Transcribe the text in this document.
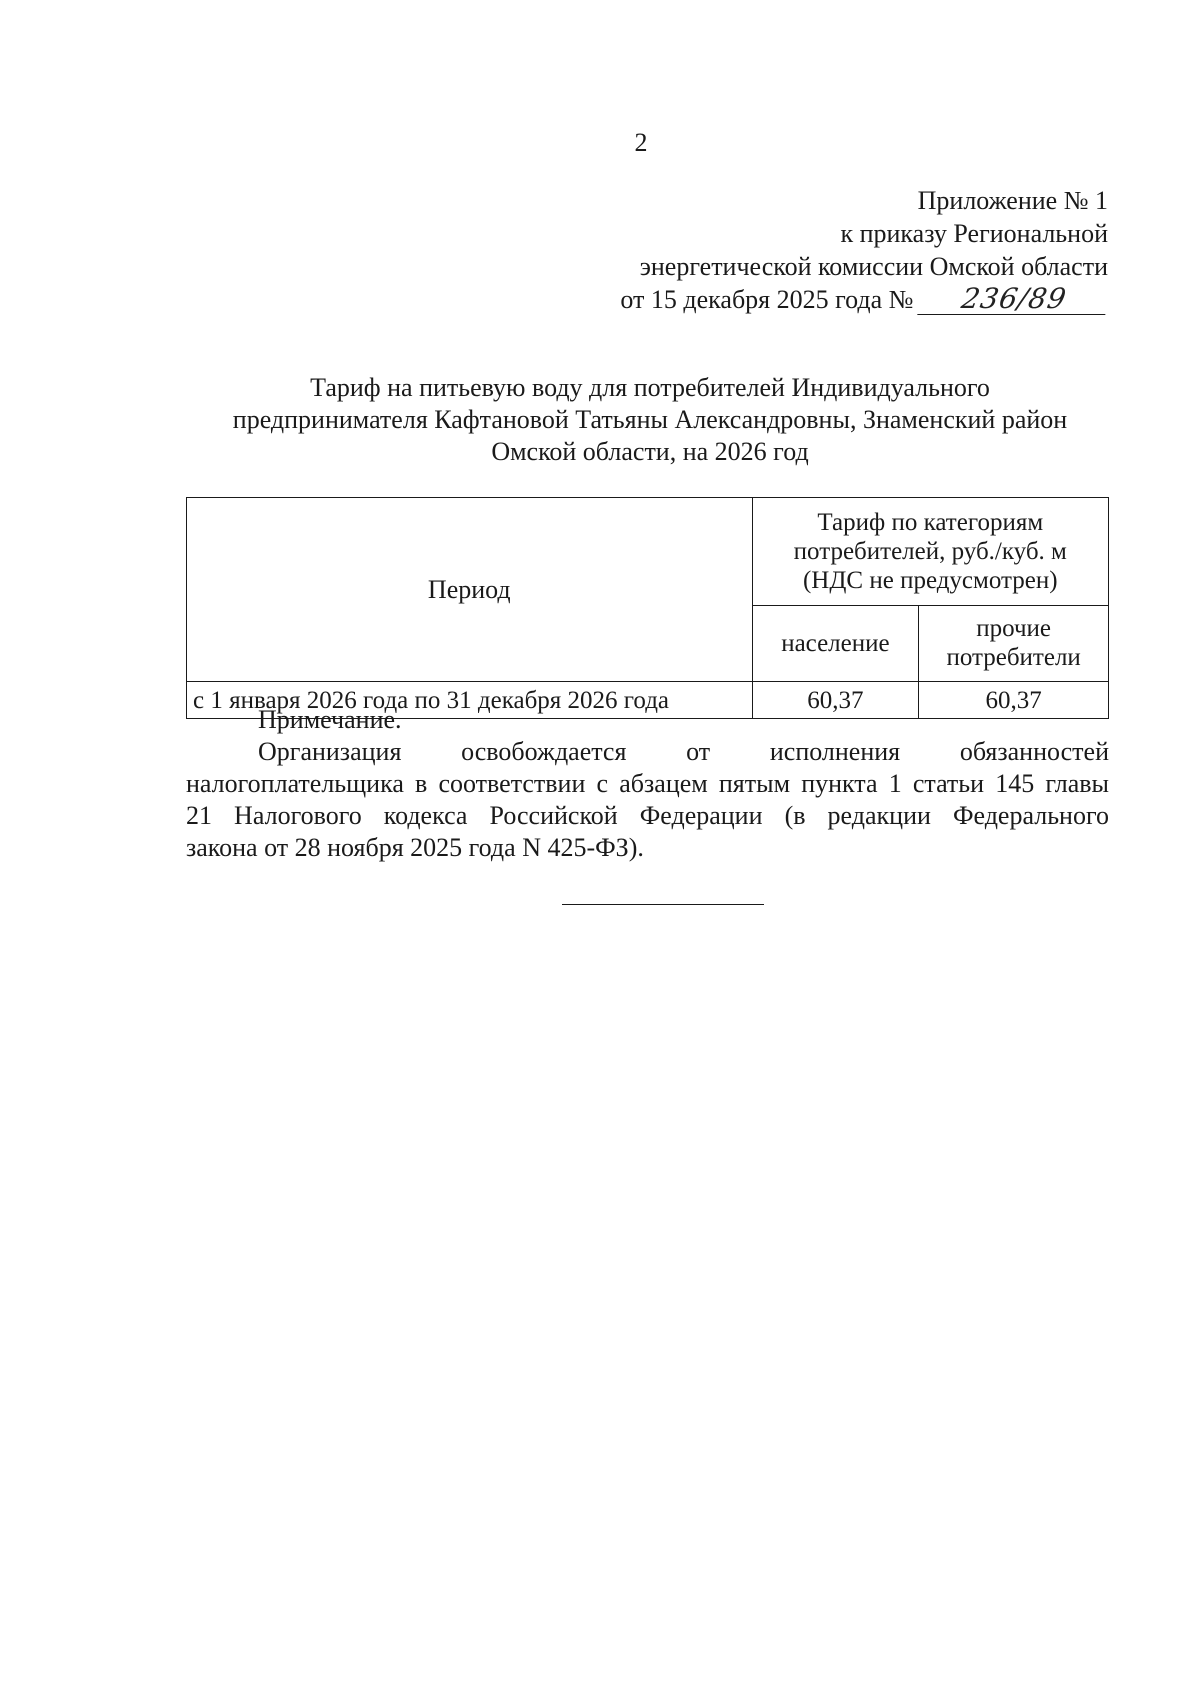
2
Приложение № 1
к приказу Региональной
энергетической комиссии Омской области
от 15 декабря 2025 года № 236/89
Тариф на питьевую воду для потребителей Индивидуального
предпринимателя Кафтановой Татьяны Александровны, Знаменский район
Омской области, на 2026 год
Период	Тариф по категориям
потребителей, руб./куб. м
(НДС не предусмотрен)	

	население	прочие
потребители

с 1 января 2026 года по 31 декабря 2026 года	60,37	60,37
Примечание.
Организация освобождается от исполнения обязанностей
налогоплательщика в соответствии с абзацем пятым пункта 1 статьи 145 главы
21 Налогового кодекса Российской Федерации (в редакции Федерального
закона от 28 ноября 2025 года N 425-ФЗ).
